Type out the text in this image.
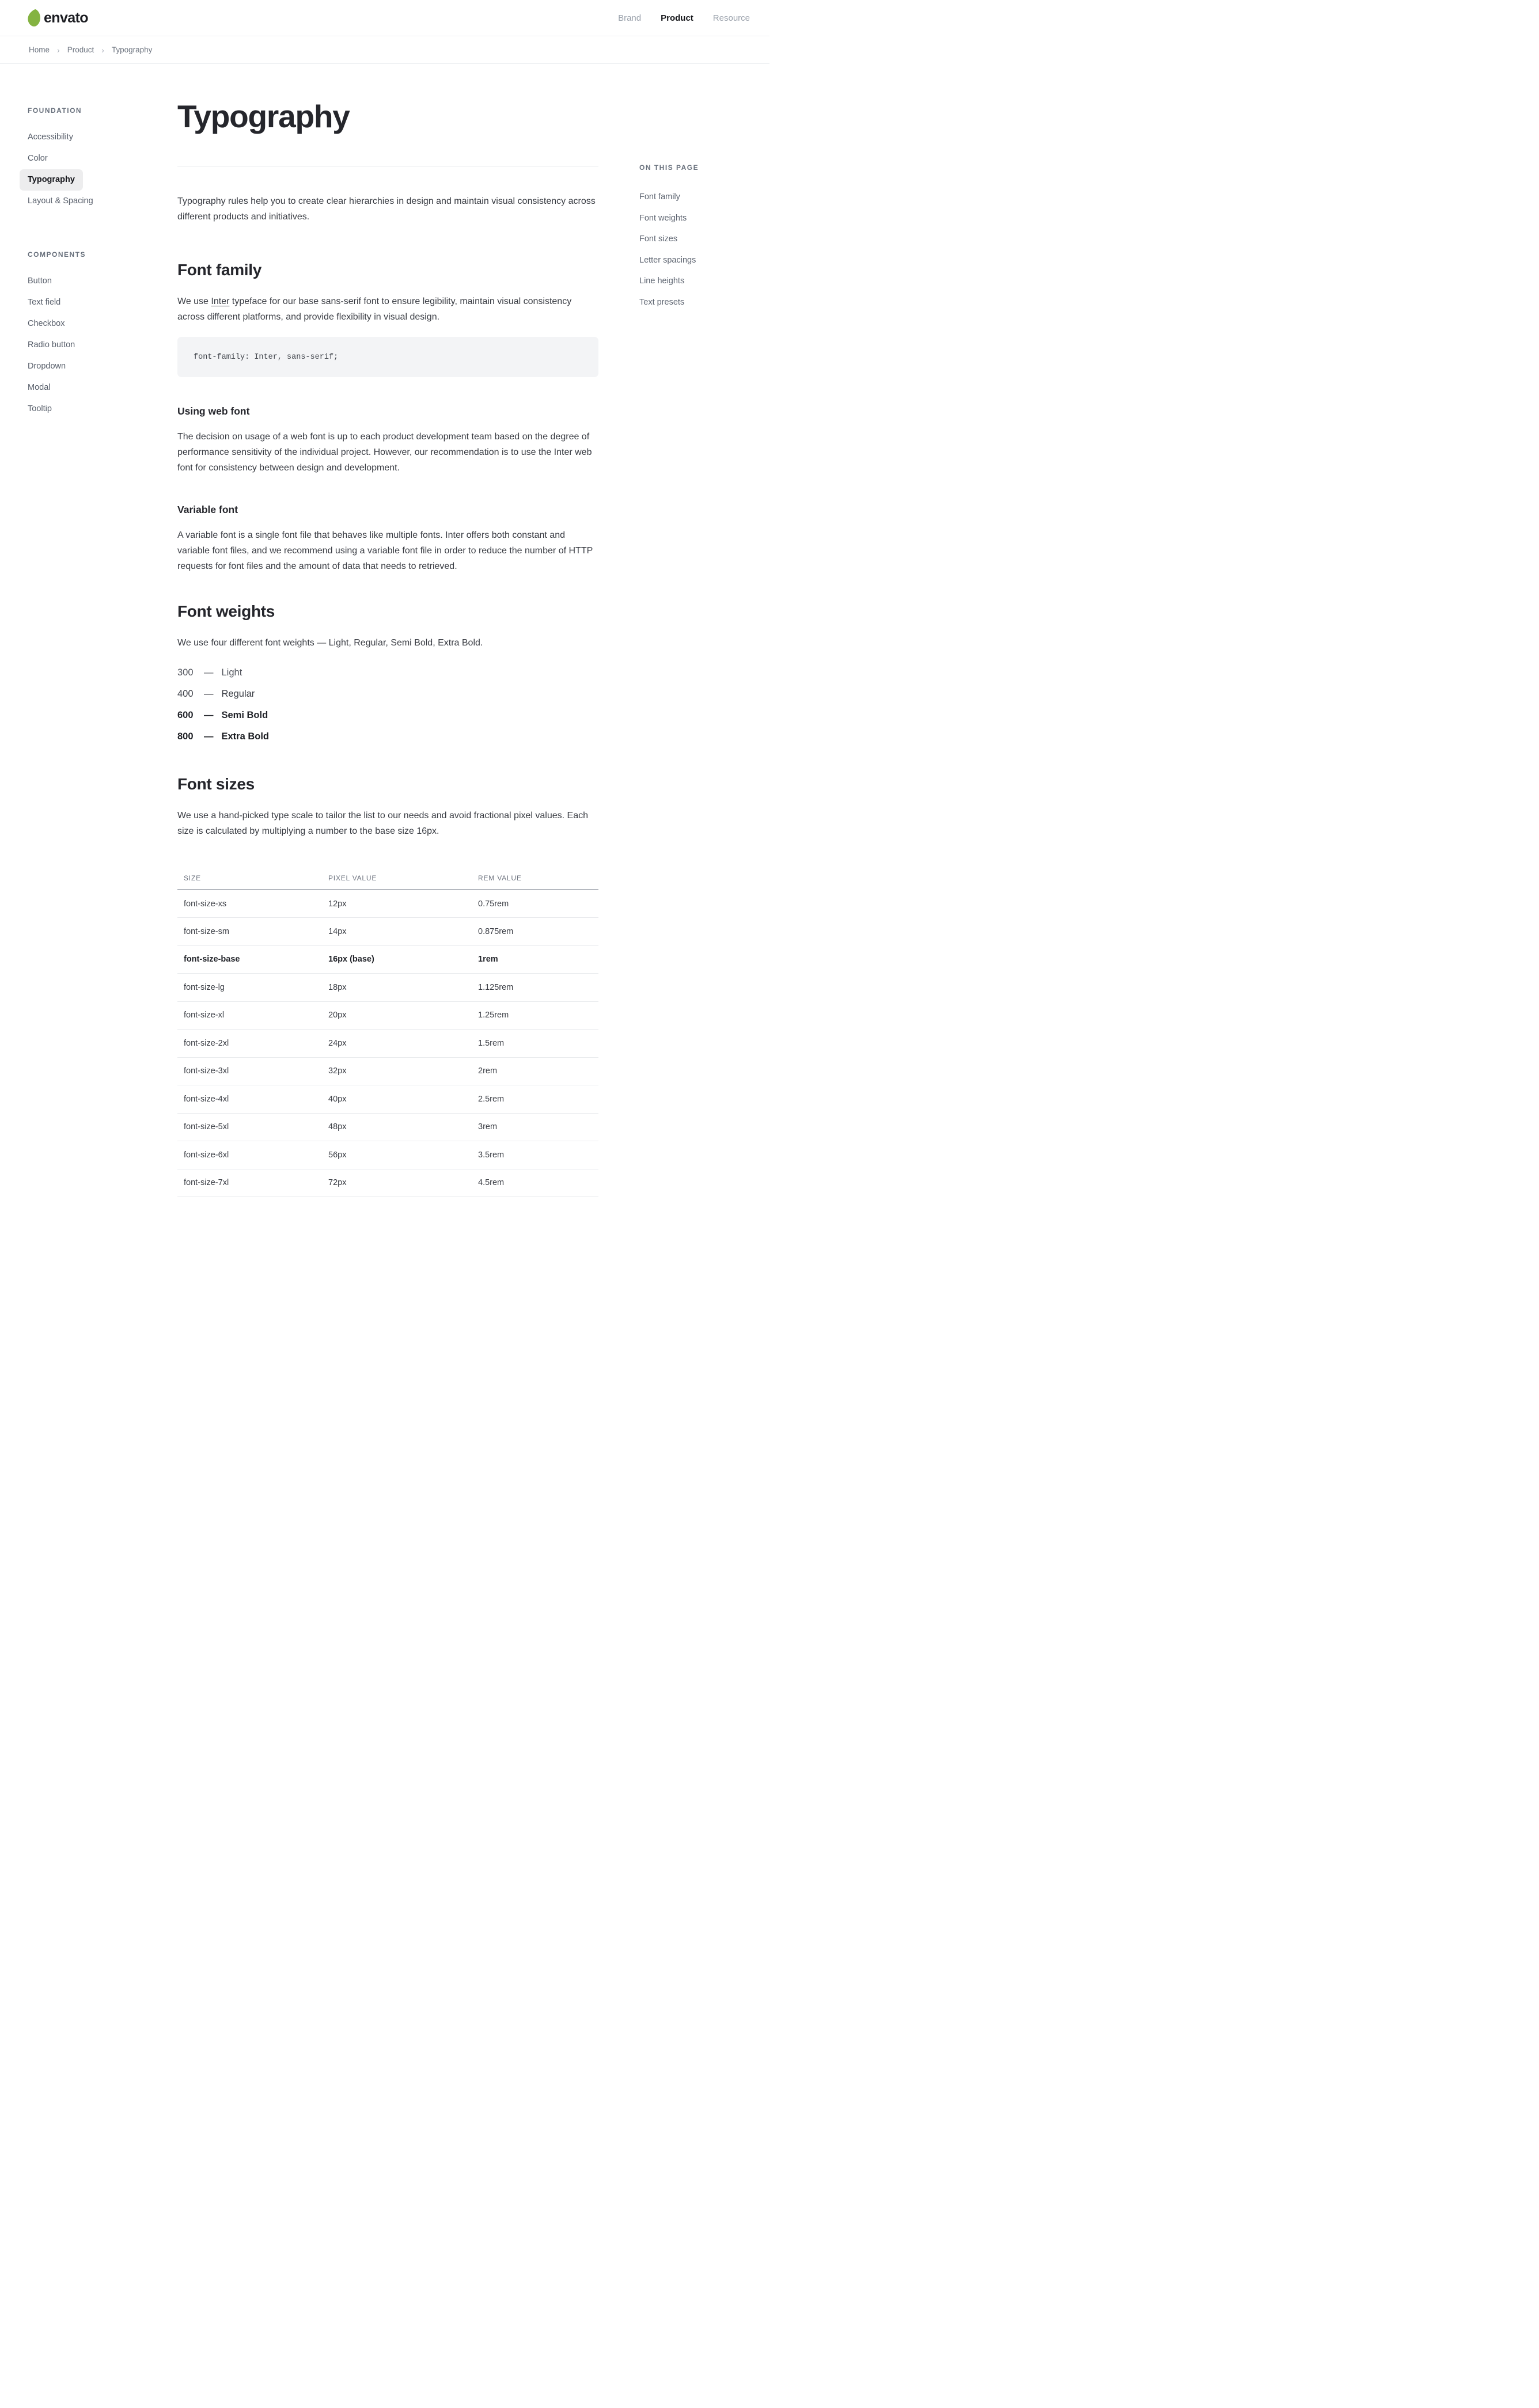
envato	Brand Product Resource
Home › Product › Typography
FOUNDATION
Accessibility
Color
Typography
Layout & Spacing
COMPONENTS
Button
Text field
Checkbox
Radio button
Dropdown
Modal
Tooltip
Typography

Typography rules help you to create clear hierarchies in design and maintain visual consistency across different products and initiatives.

Font family

We use Inter typeface for our base sans-serif font to ensure legibility, maintain visual consistency across different platforms, and provide flexibility in visual design.

font-family: Inter, sans-serif;
Using web font

The decision on usage of a web font is up to each product development team based on the degree of performance sensitivity of the individual project. However, our recommendation is to use the Inter web font for consistency between design and development.

Variable font

A variable font is a single font file that behaves like multiple fonts. Inter offers both constant and variable font files, and we recommend using a variable font file in order to reduce the number of HTTP requests for font files and the amount of data that needs to retrieved.

Font weights

We use four different font weights — Light, Regular, Semi Bold, Extra Bold.

300 — Light
400 — Regular
600 — Semi Bold
800 — Extra Bold
Font sizes

We use a hand-picked type scale to tailor the list to our needs and avoid fractional pixel values. Each size is calculated by multiplying a number to the base size 16px.

SIZE	PIXEL VALUE	REM VALUE
font-size-xs	12px	0.75rem
font-size-sm	14px	0.875rem
font-size-base	16px (base)	1rem
font-size-lg	18px	1.125rem
font-size-xl	20px	1.25rem
font-size-2xl	24px	1.5rem
font-size-3xl	32px	2rem
font-size-4xl	40px	2.5rem
font-size-5xl	48px	3rem
font-size-6xl	56px	3.5rem
font-size-7xl	72px	4.5rem
ON THIS PAGE
Font family
Font weights
Font sizes
Letter spacings
Line heights
Text presets
